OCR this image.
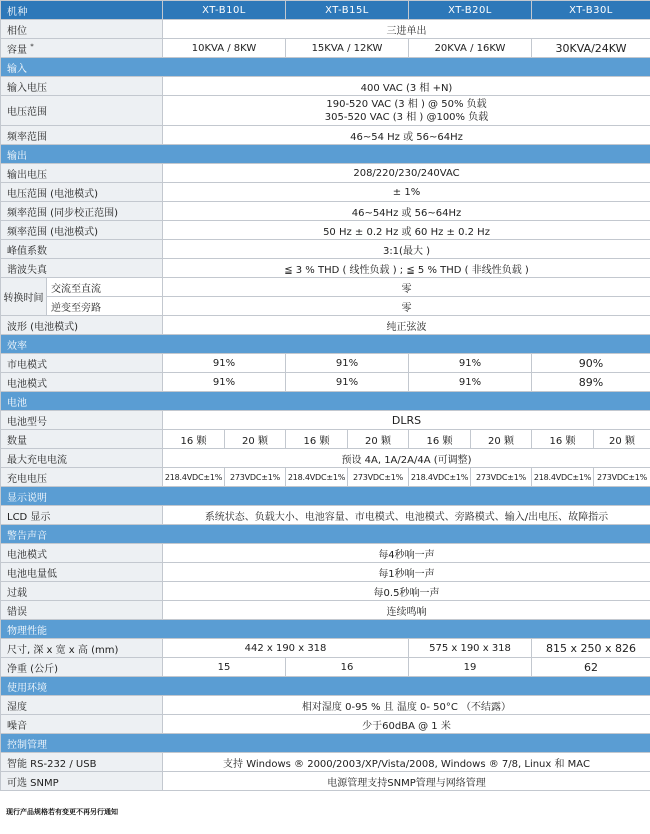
机种		XT-B10L		XT-B15L		XT-B20L		XT-B30L	
相位		三进单出							
容量 *		10KVA / 8KW		15KVA / 12KW		20KVA / 16KW		30KVA/24KW	
输入									
输入电压		400 VAC (3 相 +N)							
电压范围		190-520 VAC (3 相 ) @ 50% 负载
305-520 VAC (3 相 ) @100% 负载							

频率范围		46~54 Hz 或 56~64Hz							
输出									
输出电压		208/220/230/240VAC							
电压范围 (电池模式)		± 1%							
频率范围 (同步校正范围)		46~54Hz 或 56~64Hz							
频率范围 (电池模式)		50 Hz ± 0.2 Hz 或 60 Hz ± 0.2 Hz							
峰值系数		3:1(最大 )							
谐波失真		≦ 3 % THD ( 线性负载 ) ; ≦ 5 % THD ( 非线性负载 )							
转换时间	交流至直流	零							
	逆变至旁路	零							
波形 (电池模式)		纯正弦波							
效率									
市电模式		91%		91%		91%		90%	
电池模式		91%		91%		91%		89%	
电池									
电池型号		DLRS							
数量		16 颗	20 颗	16 颗	20 颗	16 颗	20 颗	16 颗	20 颗
最大充电电流		预设 4A, 1A/2A/4A (可调整)							
充电电压		218.4VDC±1%	273VDC±1%	218.4VDC±1%	273VDC±1%	218.4VDC±1%	273VDC±1%	218.4VDC±1%	273VDC±1%
显示说明									
LCD 显示		系统状态、负载大小、电池容量、市电模式、电池模式、旁路模式、输入/出电压、故障指示							
警告声音									
电池模式		每4秒响一声							
电池电量低		每1秒响一声							
过载		每0.5秒响一声							
错误		连续鸣响							
物理性能									
尺寸, 深 x 宽 x 高 (mm)		442 x 190 x 318				575 x 190 x 318		815 x 250 x 826	
净重 (公斤)		15		16		19		62	
使用环境									
湿度		相对湿度 0-95 % 且 温度 0- 50°C （不结露）							
噪音		少于60dBA @ 1 米							
控制管理									
智能 RS-232 / USB		支持 Windows ® 2000/2003/XP/Vista/2008, Windows ® 7/8, Linux 和 MAC							
可选 SNMP		电源管理支持SNMP管理与网络管理							
现行产品规格若有变更不再另行通知
